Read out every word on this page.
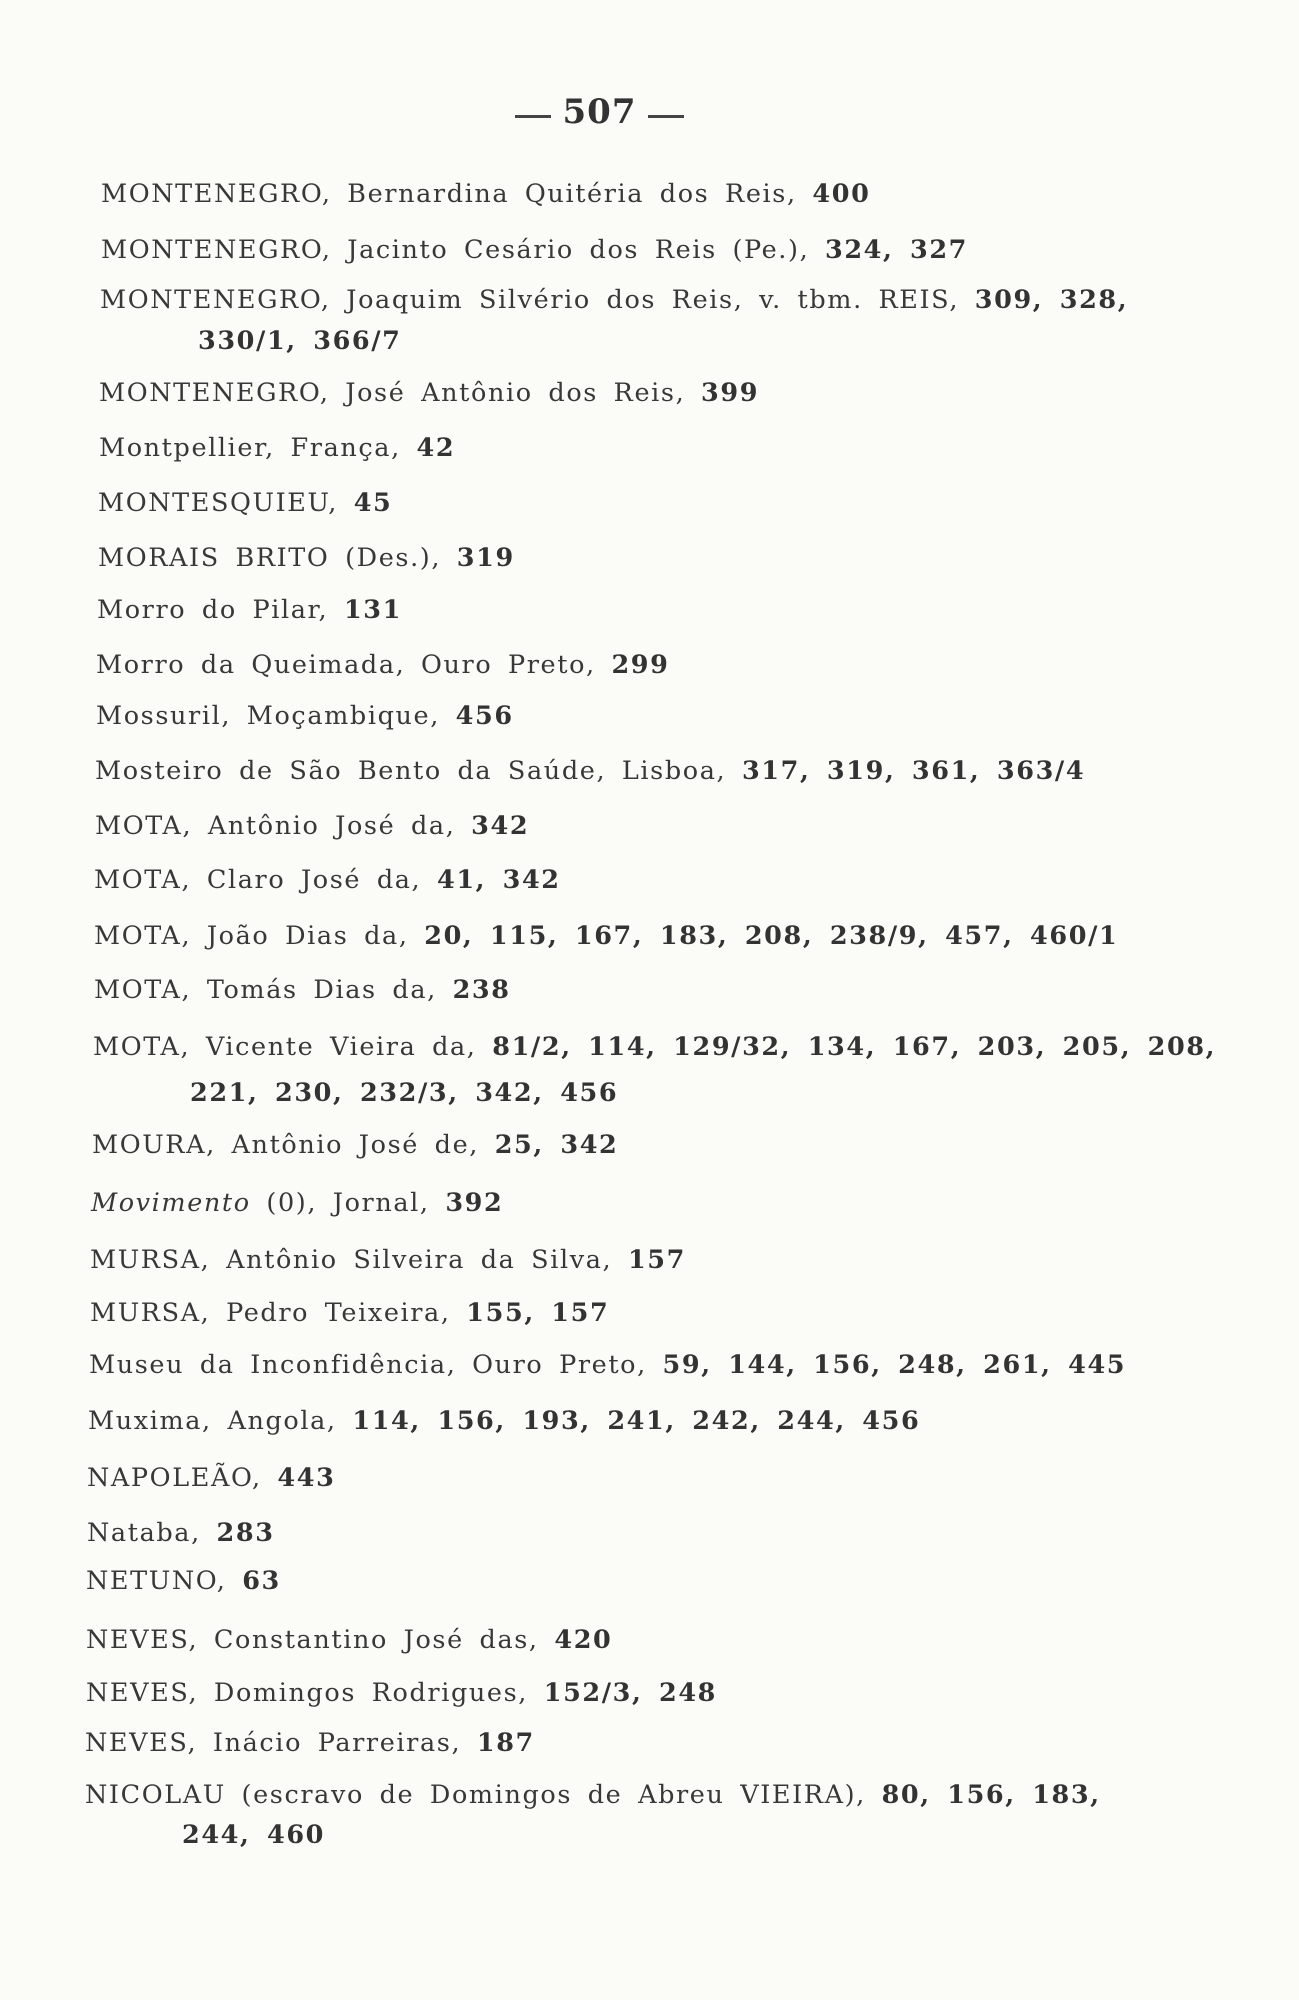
507
MONTENEGRO, Bernardina Quitéria dos Reis, 400
MONTENEGRO, Jacinto Cesário dos Reis (Pe.), 324, 327
MONTENEGRO, Joaquim Silvério dos Reis, v. tbm. REIS, 309, 328,
330/1, 366/7
MONTENEGRO, José Antônio dos Reis, 399
Montpellier, França, 42
MONTESQUIEU, 45
MORAIS BRITO (Des.), 319
Morro do Pilar, 131
Morro da Queimada, Ouro Preto, 299
Mossuril, Moçambique, 456
Mosteiro de São Bento da Saúde, Lisboa, 317, 319, 361, 363/4
MOTA, Antônio José da, 342
MOTA, Claro José da, 41, 342
MOTA, João Dias da, 20, 115, 167, 183, 208, 238/9, 457, 460/1
MOTA, Tomás Dias da, 238
MOTA, Vicente Vieira da, 81/2, 114, 129/32, 134, 167, 203, 205, 208,
221, 230, 232/3, 342, 456
MOURA, Antônio José de, 25, 342
Movimento (0), Jornal, 392
MURSA, Antônio Silveira da Silva, 157
MURSA, Pedro Teixeira, 155, 157
Museu da Inconfidência, Ouro Preto, 59, 144, 156, 248, 261, 445
Muxima, Angola, 114, 156, 193, 241, 242, 244, 456
NAPOLEÃO, 443
Nataba, 283
NETUNO, 63
NEVES, Constantino José das, 420
NEVES, Domingos Rodrigues, 152/3, 248
NEVES, Inácio Parreiras, 187
NICOLAU (escravo de Domingos de Abreu VIEIRA), 80, 156, 183,
244, 460
